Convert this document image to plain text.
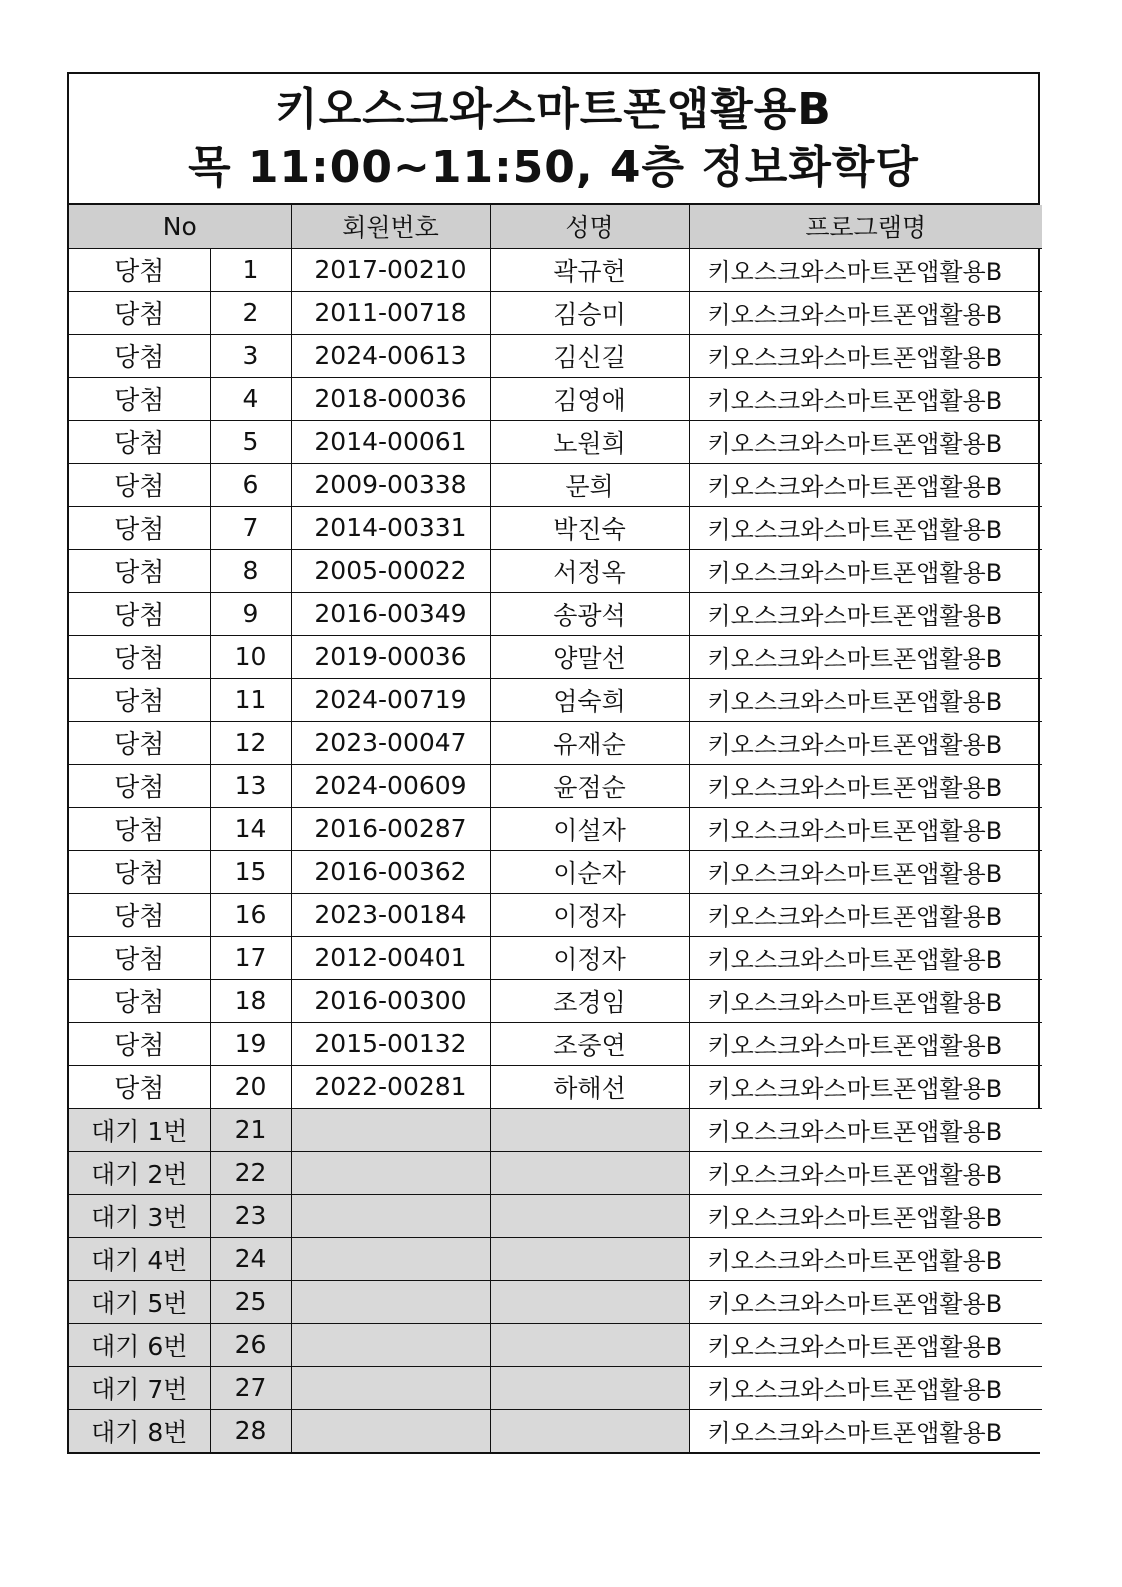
키오스크와스마트폰앱활용B
목 11:00~11:50, 4층 정보화학당
No		회원번호	성명	프로그램명
당첨	1	2017-00210	곽규헌	키오스크와스마트폰앱활용B
당첨	2	2011-00718	김승미	키오스크와스마트폰앱활용B
당첨	3	2024-00613	김신길	키오스크와스마트폰앱활용B
당첨	4	2018-00036	김영애	키오스크와스마트폰앱활용B
당첨	5	2014-00061	노원희	키오스크와스마트폰앱활용B
당첨	6	2009-00338	문희	키오스크와스마트폰앱활용B
당첨	7	2014-00331	박진숙	키오스크와스마트폰앱활용B
당첨	8	2005-00022	서정옥	키오스크와스마트폰앱활용B
당첨	9	2016-00349	송광석	키오스크와스마트폰앱활용B
당첨	10	2019-00036	양말선	키오스크와스마트폰앱활용B
당첨	11	2024-00719	엄숙희	키오스크와스마트폰앱활용B
당첨	12	2023-00047	유재순	키오스크와스마트폰앱활용B
당첨	13	2024-00609	윤점순	키오스크와스마트폰앱활용B
당첨	14	2016-00287	이설자	키오스크와스마트폰앱활용B
당첨	15	2016-00362	이순자	키오스크와스마트폰앱활용B
당첨	16	2023-00184	이정자	키오스크와스마트폰앱활용B
당첨	17	2012-00401	이정자	키오스크와스마트폰앱활용B
당첨	18	2016-00300	조경임	키오스크와스마트폰앱활용B
당첨	19	2015-00132	조중연	키오스크와스마트폰앱활용B
당첨	20	2022-00281	하해선	키오스크와스마트폰앱활용B
대기 1번	21			키오스크와스마트폰앱활용B
대기 2번	22			키오스크와스마트폰앱활용B
대기 3번	23			키오스크와스마트폰앱활용B
대기 4번	24			키오스크와스마트폰앱활용B
대기 5번	25			키오스크와스마트폰앱활용B
대기 6번	26			키오스크와스마트폰앱활용B
대기 7번	27			키오스크와스마트폰앱활용B
대기 8번	28			키오스크와스마트폰앱활용B
